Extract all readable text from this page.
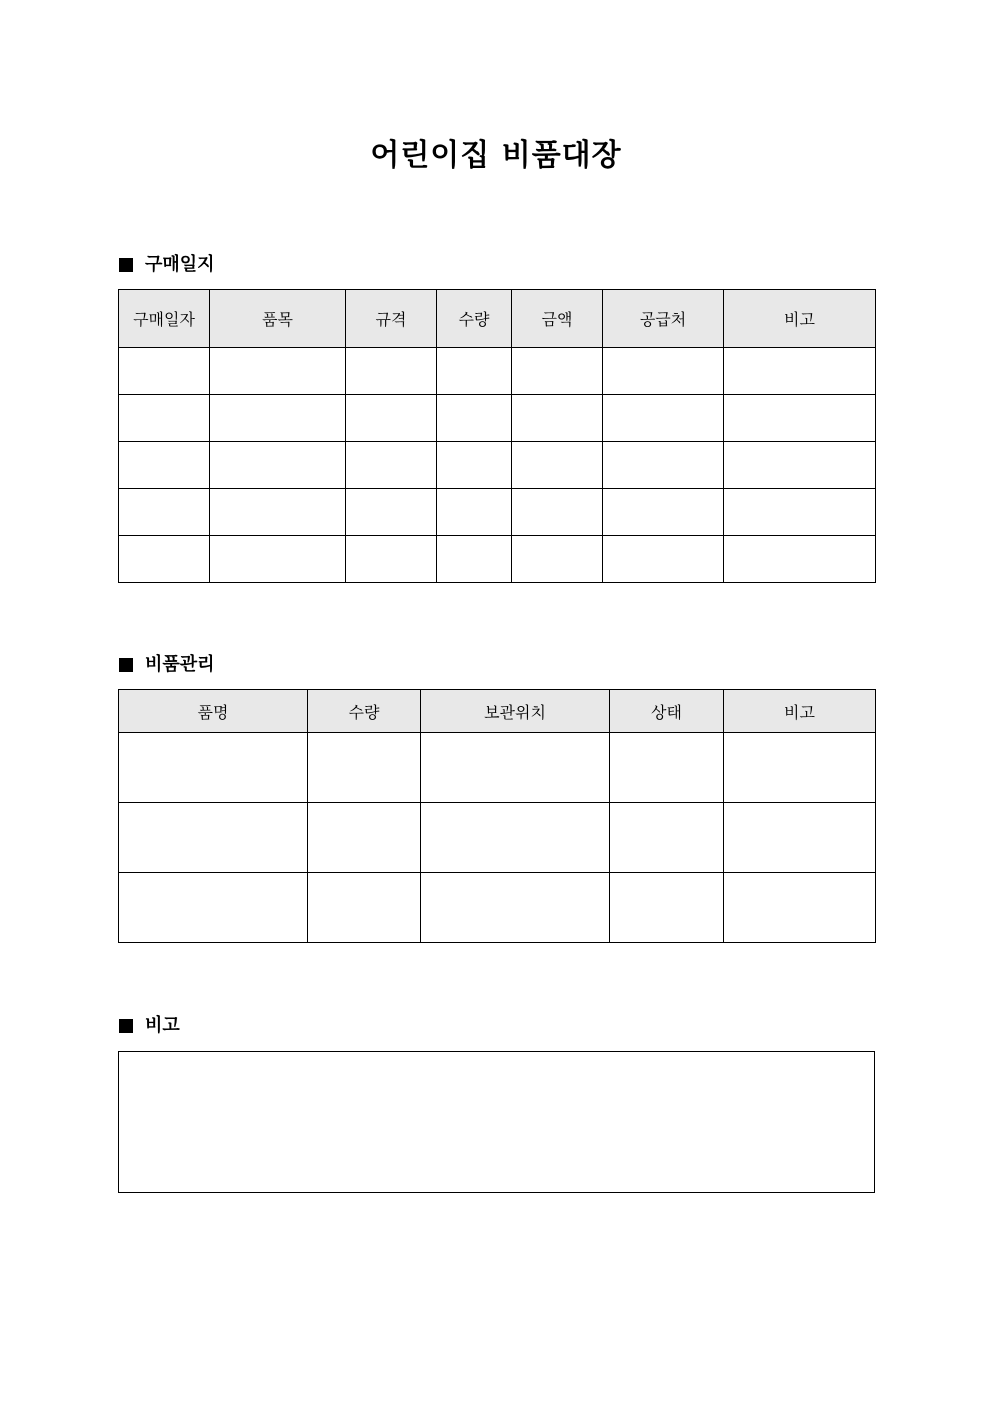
어린이집 비품대장
구매일지
구매일자	품목	규격	수량	금액	공급처	비고

비품관리
품명	수량	보관위치	상태	비고

비고
